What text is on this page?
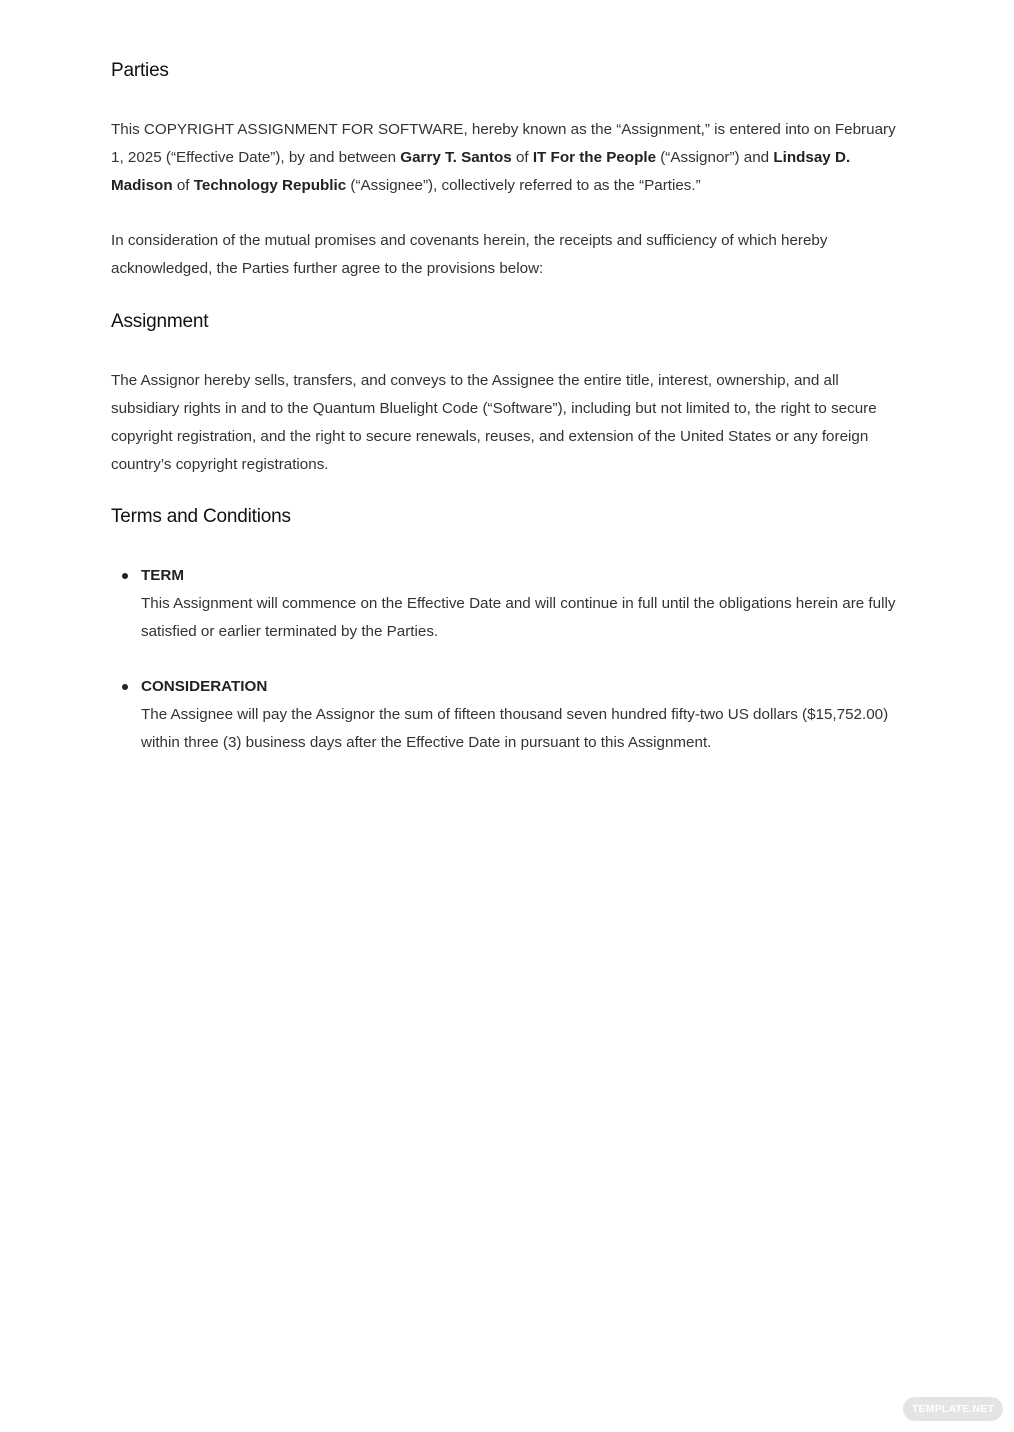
Parties

This COPYRIGHT ASSIGNMENT FOR SOFTWARE, hereby known as the “Assignment,” is entered into on February 1, 2025 (“Effective Date”), by and between Garry T. Santos of IT For the People (“Assignor”) and Lindsay D. Madison of Technology Republic (“Assignee”), collectively referred to as the “Parties.”

In consideration of the mutual promises and covenants herein, the receipts and sufficiency of which hereby acknowledged, the Parties further agree to the provisions below:

Assignment

The Assignor hereby sells, transfers, and conveys to the Assignee the entire title, interest, ownership, and all subsidiary rights in and to the Quantum Bluelight Code (“Software”), including but not limited to, the right to secure copyright registration, and the right to secure renewals, reuses, and extension of the United States or any foreign country’s copyright registrations.

Terms and Conditions
TERM
This Assignment will commence on the Effective Date and will continue in full until the obligations herein are fully satisfied or earlier terminated by the Parties.
CONSIDERATION
The Assignee will pay the Assignor the sum of fifteen thousand seven hundred fifty-two US dollars ($15,752.00) within three (3) business days after the Effective Date in pursuant to this Assignment.
TEMPLATE.NET
